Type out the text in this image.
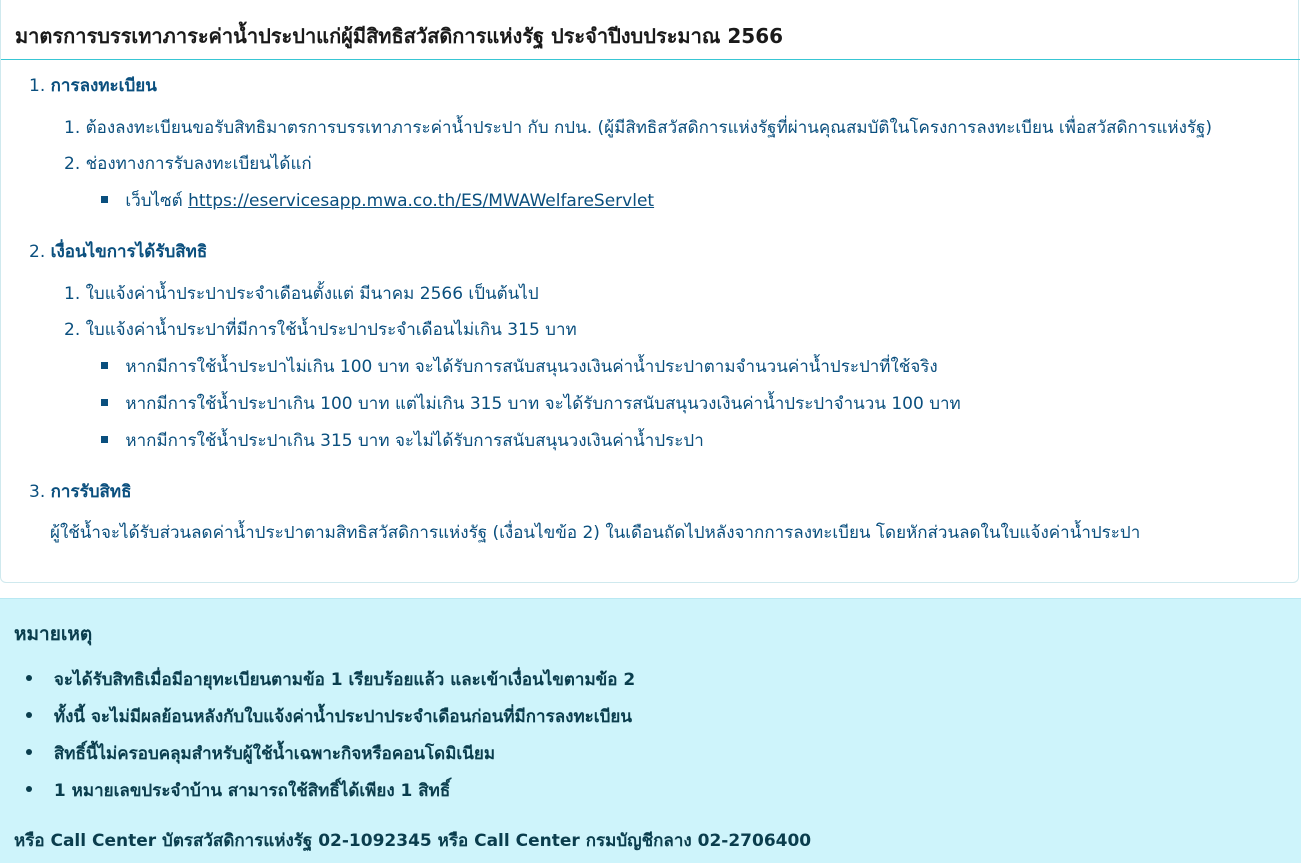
มาตรการบรรเทาภาระค่าน้ำประปาแก่ผู้มีสิทธิสวัสดิการแห่งรัฐ ประจำปีงบประมาณ 2566
1. การลงทะเบียน
1. ต้องลงทะเบียนขอรับสิทธิมาตรการบรรเทาภาระค่าน้ำประปา กับ กปน. (ผู้มีสิทธิสวัสดิการแห่งรัฐที่ผ่านคุณสมบัติในโครงการลงทะเบียน เพื่อสวัสดิการแห่งรัฐ)
2. ช่องทางการรับลงทะเบียนได้แก่
เว็บไซต์ https://eservicesapp.mwa.co.th/ES/MWAWelfareServlet
2. เงื่อนไขการได้รับสิทธิ
1. ใบแจ้งค่าน้ำประปาประจำเดือนตั้งแต่ มีนาคม 2566 เป็นต้นไป
2. ใบแจ้งค่าน้ำประปาที่มีการใช้น้ำประปาประจำเดือนไม่เกิน 315 บาท
หากมีการใช้น้ำประปาไม่เกิน 100 บาท จะได้รับการสนับสนุนวงเงินค่าน้ำประปาตามจำนวนค่าน้ำประปาที่ใช้จริง
หากมีการใช้น้ำประปาเกิน 100 บาท แต่ไม่เกิน 315 บาท จะได้รับการสนับสนุนวงเงินค่าน้ำประปาจำนวน 100 บาท
หากมีการใช้น้ำประปาเกิน 315 บาท จะไม่ได้รับการสนับสนุนวงเงินค่าน้ำประปา
3. การรับสิทธิ
ผู้ใช้น้ำจะได้รับส่วนลดค่าน้ำประปาตามสิทธิสวัสดิการแห่งรัฐ (เงื่อนไขข้อ 2) ในเดือนถัดไปหลังจากการลงทะเบียน โดยหักส่วนลดในใบแจ้งค่าน้ำประปา
หมายเหตุ
จะได้รับสิทธิเมื่อมีอายุทะเบียนตามข้อ 1 เรียบร้อยแล้ว และเข้าเงื่อนไขตามข้อ 2
ทั้งนี้ จะไม่มีผลย้อนหลังกับใบแจ้งค่าน้ำประปาประจำเดือนก่อนที่มีการลงทะเบียน
สิทธิ์นี้ไม่ครอบคลุมสำหรับผู้ใช้น้ำเฉพาะกิจหรือคอนโดมิเนียม
1 หมายเลขประจำบ้าน สามารถใช้สิทธิ์ได้เพียง 1 สิทธิ์
หรือ Call Center บัตรสวัสดิการแห่งรัฐ 02-1092345 หรือ Call Center กรมบัญชีกลาง 02-2706400
